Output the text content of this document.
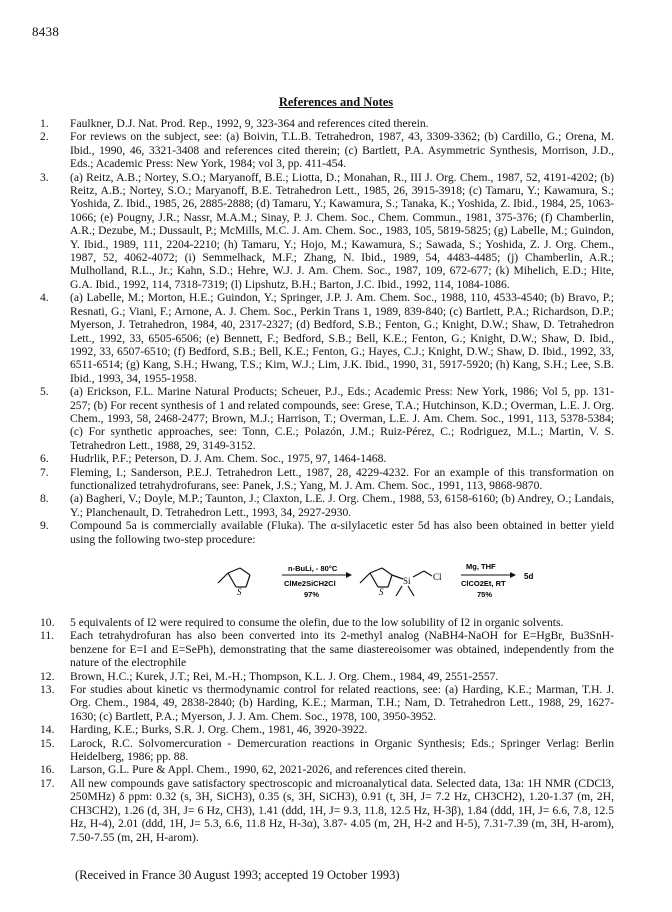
8438
References and Notes
1.	Faulkner, D.J. Nat. Prod. Rep., 1992, 9, 323-364 and references cited therein.
2.	For reviews on the subject, see: (a) Boivin, T.L.B. Tetrahedron, 1987, 43, 3309-3362; (b) Cardillo, G.; Orena, M. Ibid., 1990, 46, 3321-3408 and references cited therein; (c) Bartlett, P.A. Asymmetric Synthesis, Morrison, J.D., Eds.; Academic Press: New York, 1984; vol 3, pp. 411-454.
3.	(a) Reitz, A.B.; Nortey, S.O.; Maryanoff, B.E.; Liotta, D.; Monahan, R., III J. Org. Chem., 1987, 52, 4191-4202; (b) Reitz, A.B.; Nortey, S.O.; Maryanoff, B.E. Tetrahedron Lett., 1985, 26, 3915-3918; (c) Tamaru, Y.; Kawamura, S.; Yoshida, Z. Ibid., 1985, 26, 2885-2888; (d) Tamaru, Y.; Kawamura, S.; Tanaka, K.; Yoshida, Z. Ibid., 1984, 25, 1063-1066; (e) Pougny, J.R.; Nassr, M.A.M.; Sinay, P. J. Chem. Soc., Chem. Commun., 1981, 375-376; (f) Chamberlin, A.R.; Dezube, M.; Dussault, P.; McMills, M.C. J. Am. Chem. Soc., 1983, 105, 5819-5825; (g) Labelle, M.; Guindon, Y. Ibid., 1989, 111, 2204-2210; (h) Tamaru, Y.; Hojo, M.; Kawamura, S.; Sawada, S.; Yoshida, Z. J. Org. Chem., 1987, 52, 4062-4072; (i) Semmelhack, M.F.; Zhang, N. Ibid., 1989, 54, 4483-4485; (j) Chamberlin, A.R.; Mulholland, R.L., Jr.; Kahn, S.D.; Hehre, W.J. J. Am. Chem. Soc., 1987, 109, 672-677; (k) Mihelich, E.D.; Hite, G.A. Ibid., 1992, 114, 7318-7319; (l) Lipshutz, B.H.; Barton, J.C. Ibid., 1992, 114, 1084-1086.
4.	(a) Labelle, M.; Morton, H.E.; Guindon, Y.; Springer, J.P. J. Am. Chem. Soc., 1988, 110, 4533-4540; (b) Bravo, P.; Resnati, G.; Viani, F.; Arnone, A. J. Chem. Soc., Perkin Trans 1, 1989, 839-840; (c) Bartlett, P.A.; Richardson, D.P.; Myerson, J. Tetrahedron, 1984, 40, 2317-2327; (d) Bedford, S.B.; Fenton, G.; Knight, D.W.; Shaw, D. Tetrahedron Lett., 1992, 33, 6505-6506; (e) Bennett, F.; Bedford, S.B.; Bell, K.E.; Fenton, G.; Knight, D.W.; Shaw, D. Ibid., 1992, 33, 6507-6510; (f) Bedford, S.B.; Bell, K.E.; Fenton, G.; Hayes, C.J.; Knight, D.W.; Shaw, D. Ibid., 1992, 33, 6511-6514; (g) Kang, S.H.; Hwang, T.S.; Kim, W.J.; Lim, J.K. Ibid., 1990, 31, 5917-5920; (h) Kang, S.H.; Lee, S.B. Ibid., 1993, 34, 1955-1958.
5.	(a) Erickson, F.L. Marine Natural Products; Scheuer, P.J., Eds.; Academic Press: New York, 1986; Vol 5, pp. 131-257; (b) For recent synthesis of 1 and related compounds, see: Grese, T.A.; Hutchinson, K.D.; Overman, L.E. J. Org. Chem., 1993, 58, 2468-2477; Brown, M.J.; Harrison, T.; Overman, L.E. J. Am. Chem. Soc., 1991, 113, 5378-5384; (c) For synthetic approaches, see: Tonn, C.E.; Polazón, J.M.; Ruiz-Pérez, C.; Rodriguez, M.L.; Martin, V. S. Tetrahedron Lett., 1988, 29, 3149-3152.
6.	Hudrlik, P.F.; Peterson, D. J. Am. Chem. Soc., 1975, 97, 1464-1468.
7.	Fleming, I.; Sanderson, P.E.J. Tetrahedron Lett., 1987, 28, 4229-4232. For an example of this transformation on functionalized tetrahydrofurans, see: Panek, J.S.; Yang, M. J. Am. Chem. Soc., 1991, 113, 9868-9870.
8.	(a) Bagheri, V.; Doyle, M.P.; Taunton, J.; Claxton, L.E. J. Org. Chem., 1988, 53, 6158-6160; (b) Andrey, O.; Landais, Y.; Planchenault, D. Tetrahedron Lett., 1993, 34, 2927-2930.
9.	Compound 5a is commercially available (Fluka). The α-silylacetic ester 5d has also been obtained in better yield using the following two-step procedure:
S
n-BuLi, - 80°C
ClMe2SiCH2Cl
97%	S
Si Cl
Mg, THF
ClCO2Et, RT
75%
5d
10.	5 equivalents of I2 were required to consume the olefin, due to the low solubility of I2 in organic solvents.
11.	Each tetrahydrofuran has also been converted into its 2-methyl analog (NaBH4-NaOH for E=HgBr, Bu3SnH-benzene for E=I and E=SePh), demonstrating that the same diastereoisomer was obtained, independently from the nature of the electrophile
12.	Brown, H.C.; Kurek, J.T.; Rei, M.-H.; Thompson, K.L. J. Org. Chem., 1984, 49, 2551-2557.
13.	For studies about kinetic vs thermodynamic control for related reactions, see: (a) Harding, K.E.; Marman, T.H. J. Org. Chem., 1984, 49, 2838-2840; (b) Harding, K.E.; Marman, T.H.; Nam, D. Tetrahedron Lett., 1988, 29, 1627-1630; (c) Bartlett, P.A.; Myerson, J. J. Am. Chem. Soc., 1978, 100, 3950-3952.
14.	Harding, K.E.; Burks, S.R. J. Org. Chem., 1981, 46, 3920-3922.
15.	Larock, R.C. Solvomercuration - Demercuration reactions in Organic Synthesis; Eds.; Springer Verlag: Berlin Heidelberg, 1986; pp. 88.
16.	Larson, G.L. Pure & Appl. Chem., 1990, 62, 2021-2026, and references cited therein.
17.	All new compounds gave satisfactory spectroscopic and microanalytical data. Selected data, 13a: 1H NMR (CDCl3, 250MHz) δ ppm: 0.32 (s, 3H, SiCH3), 0.35 (s, 3H, SiCH3), 0.91 (t, 3H, J= 7.2 Hz, CH3CH2), 1.20-1.37 (m, 2H, CH3CH2), 1.26 (d, 3H, J= 6 Hz, CH3), 1.41 (ddd, 1H, J= 9.3, 11.8, 12.5 Hz, H-3β), 1.84 (ddd, 1H, J= 6.6, 7.8, 12.5 Hz, H-4), 2.01 (ddd, 1H, J= 5.3, 6.6, 11.8 Hz, H-3α), 3.87- 4.05 (m, 2H, H-2 and H-5), 7.31-7.39 (m, 3H, H-arom), 7.50-7.55 (m, 2H, H-arom).
(Received in France 30 August 1993; accepted 19 October 1993)
